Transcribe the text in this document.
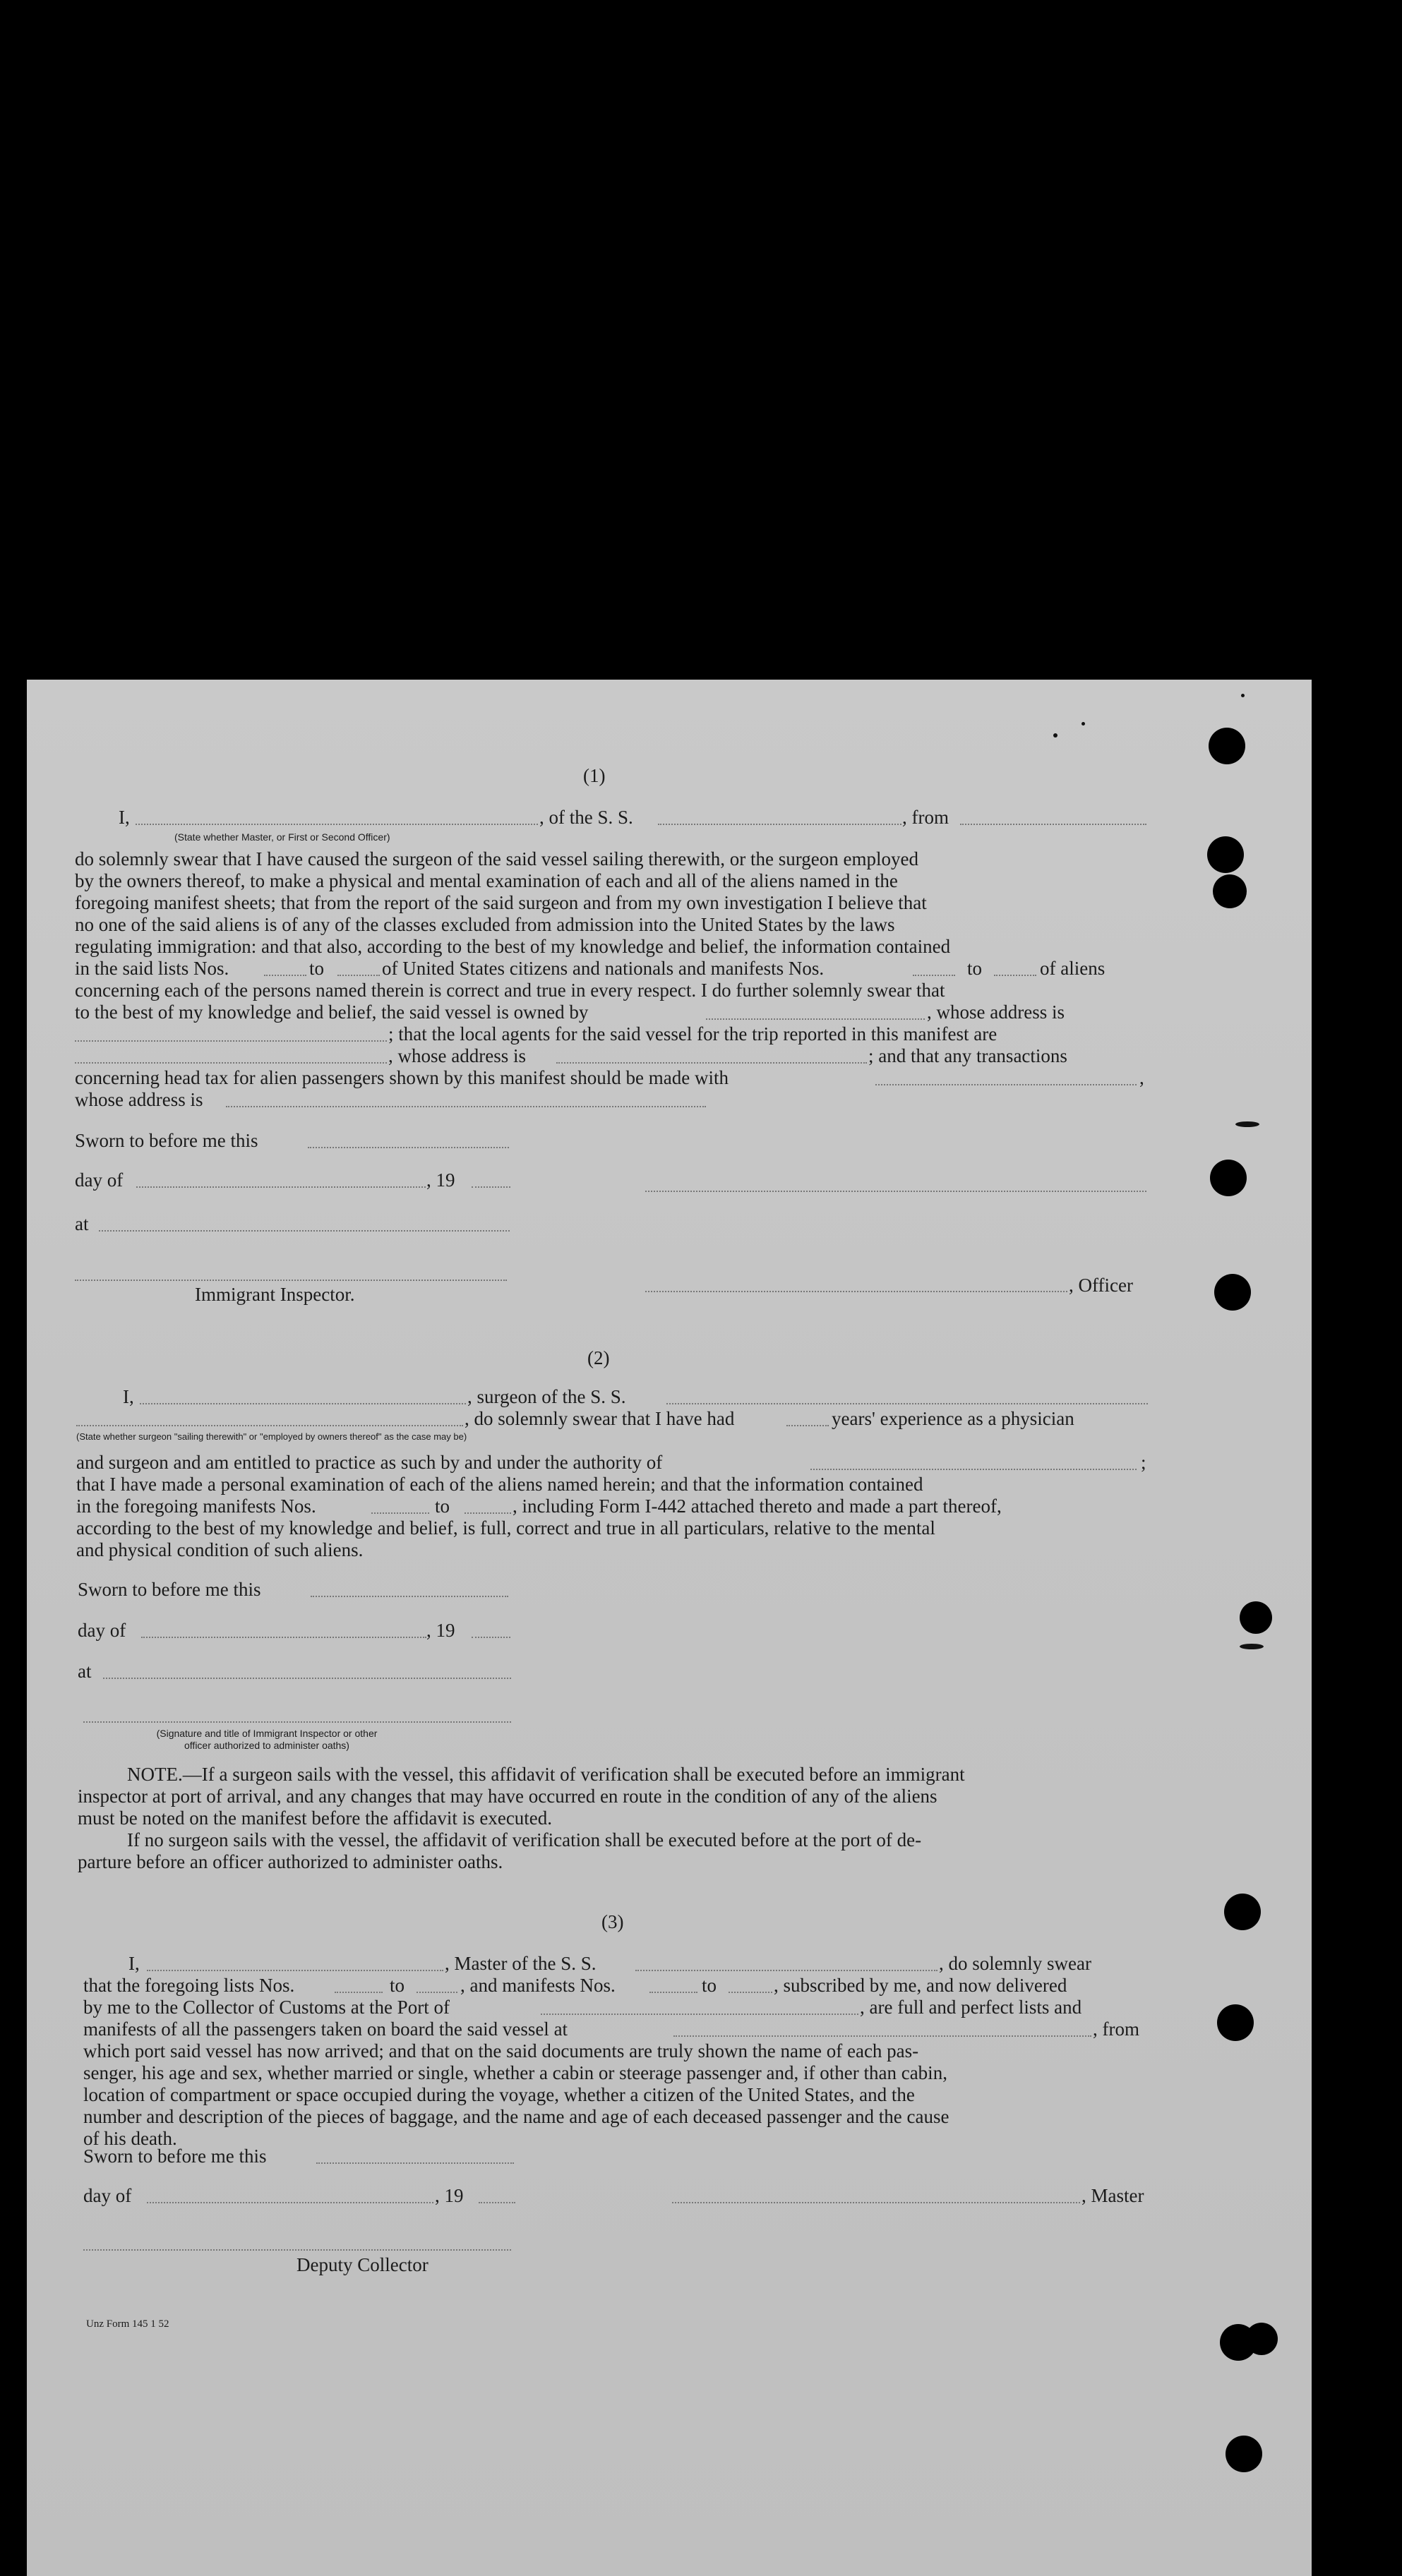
(1)
I,	, of the S. S.	, from
(State whether Master, or First or Second Officer)
do solemnly swear that I have caused the surgeon of the said vessel sailing therewith, or the surgeon employed
by the owners thereof, to make a physical and mental examination of each and all of the aliens named in the
foregoing manifest sheets; that from the report of the said surgeon and from my own investigation I believe that
no one of the said aliens is of any of the classes excluded from admission into the United States by the laws
regulating immigration: and that also, according to the best of my knowledge and belief, the information contained
in the said lists Nos.	to	of United States citizens and nationals and manifests Nos.	to	of aliens
concerning each of the persons named therein is correct and true in every respect. I do further solemnly swear that
to the best of my knowledge and belief, the said vessel is owned by	, whose address is
; that the local agents for the said vessel for the trip reported in this manifest are
, whose address is	; and that any transactions
concerning head tax for alien passengers shown by this manifest should be made with	,
whose address is
Sworn to before me this
day of	, 19
at
, Officer
Immigrant Inspector.
(2)
I,	, surgeon of the S. S.
, do solemnly swear that I have had	years' experience as a physician
(State whether surgeon "sailing therewith" or "employed by owners thereof" as the case may be)
and surgeon and am entitled to practice as such by and under the authority of	;
that I have made a personal examination of each of the aliens named herein; and that the information contained
in the foregoing manifests Nos.	to	, including Form I-442 attached thereto and made a part thereof,
according to the best of my knowledge and belief, is full, correct and true in all particulars, relative to the mental
and physical condition of such aliens.
Sworn to before me this
day of	, 19
at
(Signature and title of Immigrant Inspector or other
officer authorized to administer oaths)
NOTE.—If a surgeon sails with the vessel, this affidavit of verification shall be executed before an immigrant
inspector at port of arrival, and any changes that may have occurred en route in the condition of any of the aliens
must be noted on the manifest before the affidavit is executed.
If no surgeon sails with the vessel, the affidavit of verification shall be executed before at the port of de-
parture before an officer authorized to administer oaths.
(3)
I,	, Master of the S. S.	, do solemnly swear
that the foregoing lists Nos.	to	, and manifests Nos.	to	, subscribed by me, and now delivered
by me to the Collector of Customs at the Port of	, are full and perfect lists and
manifests of all the passengers taken on board the said vessel at	, from
which port said vessel has now arrived; and that on the said documents are truly shown the name of each pas-
senger, his age and sex, whether married or single, whether a cabin or steerage passenger and, if other than cabin,
location of compartment or space occupied during the voyage, whether a citizen of the United States, and the
number and description of the pieces of baggage, and the name and age of each deceased passenger and the cause
of his death.
Sworn to before me this
day of	, 19	, Master
Deputy Collector
Unz Form 145 1 52
